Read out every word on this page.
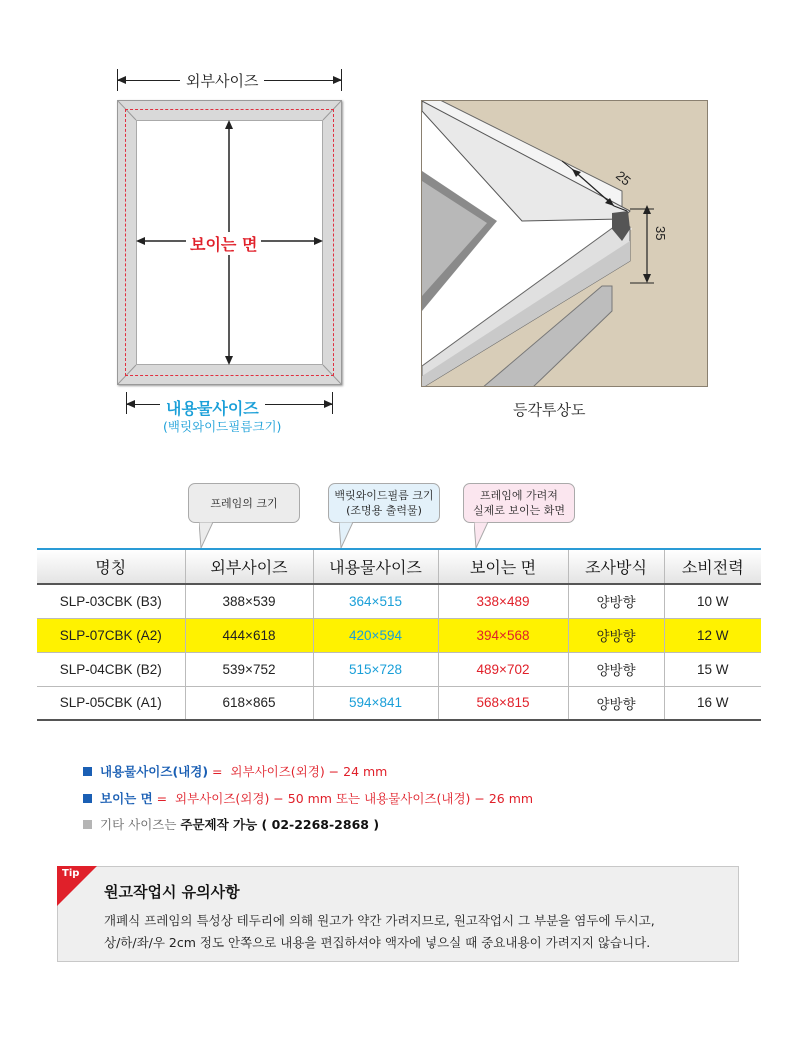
외부사이즈
보이는 면
내용물사이즈
(백릿와이드필름크기)
25
35
등각투상도
프레임의 크기
백릿와이드필름 크기
(조명용 출력물)
프레임에 가려져
실제로 보이는 화면
명칭	외부사이즈	내용물사이즈	보이는 면	조사방식	소비전력
SLP-03CBK (B3)	388×539	364×515	338×489	양방향	10 W
SLP-07CBK (A2)	444×618	420×594	394×568	양방향	12 W
SLP-04CBK (B2)	539×752	515×728	489×702	양방향	15 W
SLP-05CBK (A1)	618×865	594×841	568×815	양방향	16 W
내용물사이즈(내경) =  외부사이즈(외경) − 24 mm
보이는 면 =  외부사이즈(외경) − 50 mm 또는 내용물사이즈(내경) − 26 mm
기타 사이즈는 주문제작 가능 ( 02-2268-2868 )
Tip
원고작업시 유의사항
개폐식 프레임의 특성상 테두리에 의해 원고가 약간 가려지므로, 원고작업시 그 부분을 염두에 두시고,
상/하/좌/우 2cm 정도 안쪽으로 내용을 편집하셔야 액자에 넣으실 때 중요내용이 가려지지 않습니다.
